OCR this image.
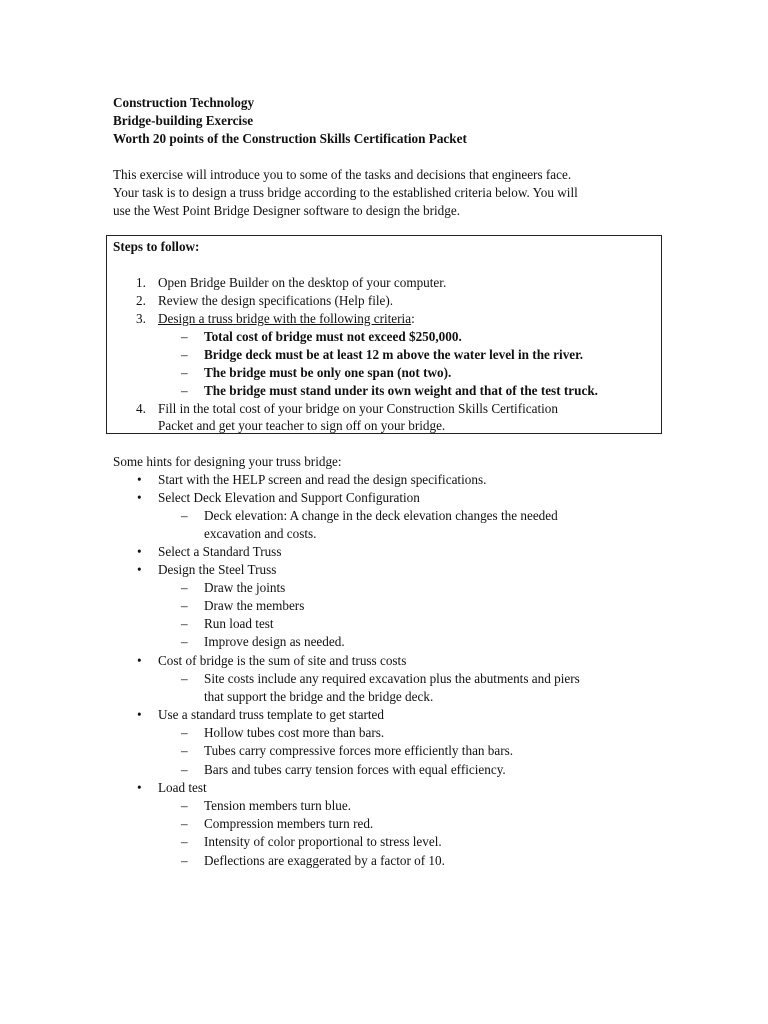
Construction Technology
Bridge-building Exercise
Worth 20 points of the Construction Skills Certification Packet
This exercise will introduce you to some of the tasks and decisions that engineers face.
Your task is to design a truss bridge according to the established criteria below. You will
use the West Point Bridge Designer software to design the bridge.
Steps to follow:
1. Open Bridge Builder on the desktop of your computer.
2. Review the design specifications (Help file).
3. Design a truss bridge with the following criteria:
– Total cost of bridge must not exceed $250,000.
– Bridge deck must be at least 12 m above the water level in the river.
– The bridge must be only one span (not two).
– The bridge must stand under its own weight and that of the test truck.
4. Fill in the total cost of your bridge on your Construction Skills Certification
Packet and get your teacher to sign off on your bridge.
Some hints for designing your truss bridge:
• Start with the HELP screen and read the design specifications.
• Select Deck Elevation and Support Configuration
– Deck elevation: A change in the deck elevation changes the needed
excavation and costs.
• Select a Standard Truss
• Design the Steel Truss
– Draw the joints
– Draw the members
– Run load test
– Improve design as needed.
• Cost of bridge is the sum of site and truss costs
– Site costs include any required excavation plus the abutments and piers
that support the bridge and the bridge deck.
• Use a standard truss template to get started
– Hollow tubes cost more than bars.
– Tubes carry compressive forces more efficiently than bars.
– Bars and tubes carry tension forces with equal efficiency.
• Load test
– Tension members turn blue.
– Compression members turn red.
– Intensity of color proportional to stress level.
– Deflections are exaggerated by a factor of 10.
